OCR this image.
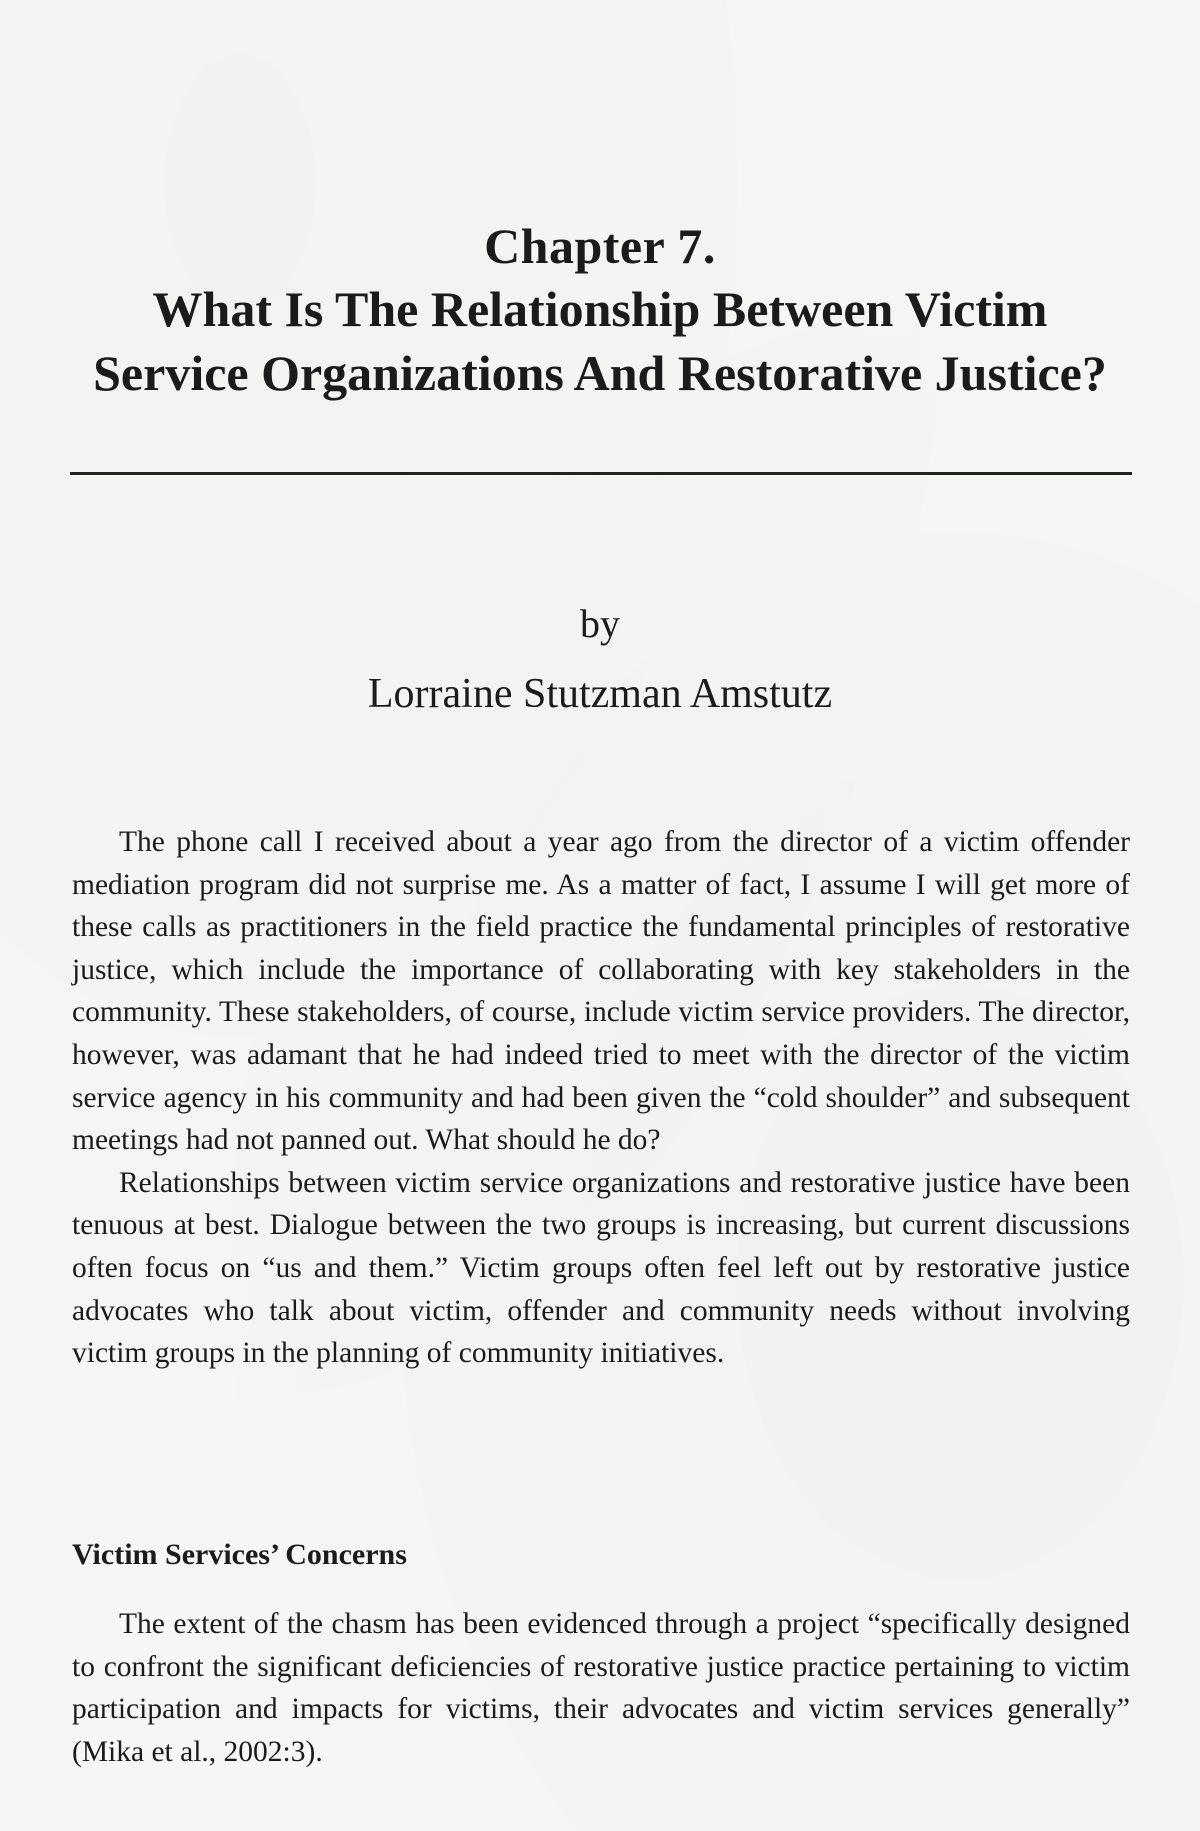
Chapter 7.
What Is The Relationship Between Victim Service Organizations And Restorative Justice?
by
Lorraine Stutzman Amstutz

The phone call I received about a year ago from the director of a victim offender mediation program did not surprise me. As a matter of fact, I assume I will get more of these calls as practitioners in the field practice the fundamental principles of restorative justice, which include the importance of collaborating with key stakeholders in the community. These stakeholders, of course, include victim service providers. The director, however, was adamant that he had indeed tried to meet with the director of the victim service agency in his community and had been given the “cold shoulder” and subsequent meetings had not panned out. What should he do?

Relationships between victim service organizations and restorative justice have been tenuous at best. Dialogue between the two groups is increasing, but current discussions often focus on “us and them.” Victim groups often feel left out by restorative justice advocates who talk about victim, offender and community needs without involving victim groups in the planning of community initiatives.

Victim Services’ Concerns

The extent of the chasm has been evidenced through a project “specifically designed to confront the significant deficiencies of restorative justice practice pertaining to victim participation and impacts for victims, their advocates and victim services generally” (Mika et al., 2002:3).
